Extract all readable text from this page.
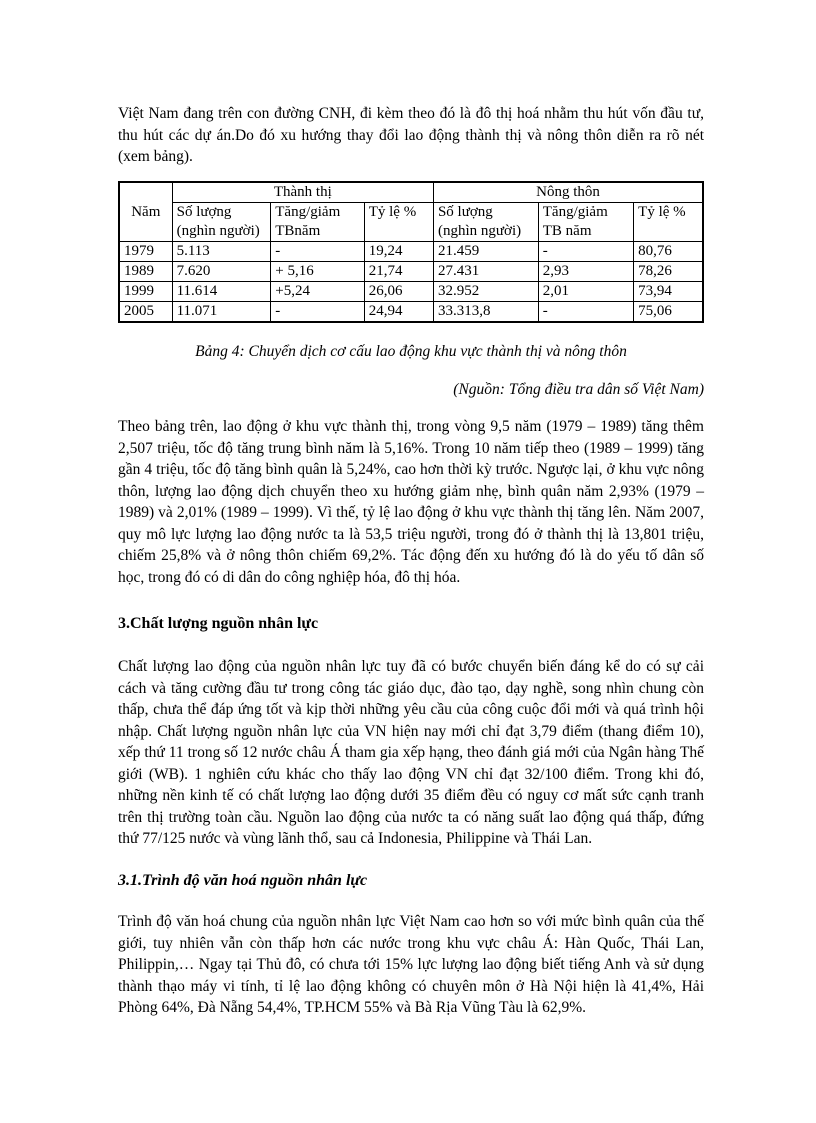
Việt Nam đang trên con đường CNH, đi kèm theo đó là đô thị hoá nhằm thu hút vốn đầu tư, thu hút các dự án.Do đó xu hướng thay đổi lao động thành thị và nông thôn diễn ra rõ nét (xem bảng).

Năm	Thành thị			Nông thôn		
	Số lượng (nghìn người)	Tăng/giảm TBnăm	Tỷ lệ %	Số lượng (nghìn người)	Tăng/giảm TB năm	Tỷ lệ %
1979	5.113	-	19,24	21.459	-	80,76
1989	7.620	+ 5,16	21,74	27.431	2,93	78,26
1999	11.614	+5,24	26,06	32.952	2,01	73,94
2005	11.071	-	24,94	33.313,8	-	75,06
Bảng 4: Chuyển dịch cơ cấu lao động khu vực thành thị và nông thôn
(Nguồn: Tổng điều tra dân số Việt Nam)

Theo bảng trên, lao động ở khu vực thành thị, trong vòng 9,5 năm (1979 – 1989) tăng thêm 2,507 triệu, tốc độ tăng trung bình năm là 5,16%. Trong 10 năm tiếp theo (1989 – 1999) tăng gần 4 triệu, tốc độ tăng bình quân là 5,24%, cao hơn thời kỳ trước. Ngược lại, ở khu vực nông thôn, lượng lao động dịch chuyển theo xu hướng giảm nhẹ, bình quân năm 2,93% (1979 – 1989) và 2,01% (1989 – 1999). Vì thế, tỷ lệ lao động ở khu vực thành thị tăng lên. Năm 2007, quy mô lực lượng lao động nước ta là 53,5 triệu người, trong đó ở thành thị là 13,801 triệu, chiếm 25,8% và ở nông thôn chiếm 69,2%. Tác động đến xu hướng đó là do yếu tố dân số học, trong đó có di dân do công nghiệp hóa, đô thị hóa.

3.Chất lượng nguồn nhân lực

Chất lượng lao động của nguồn nhân lực tuy đã có bước chuyển biến đáng kể do có sự cải cách và tăng cường đầu tư trong công tác giáo dục, đào tạo, dạy nghề, song nhìn chung còn thấp, chưa thể đáp ứng tốt và kịp thời những yêu cầu của công cuộc đổi mới và quá trình hội nhập. Chất lượng nguồn nhân lực của VN hiện nay mới chỉ đạt 3,79 điểm (thang điểm 10), xếp thứ 11 trong số 12 nước châu Á tham gia xếp hạng, theo đánh giá mới của Ngân hàng Thế giới (WB). 1 nghiên cứu khác cho thấy lao động VN chỉ đạt 32/100 điểm. Trong khi đó, những nền kinh tế có chất lượng lao động dưới 35 điểm đều có nguy cơ mất sức cạnh tranh trên thị trường toàn cầu. Nguồn lao động của nước ta có năng suất lao động quá thấp, đứng thứ 77/125 nước và vùng lãnh thổ, sau cả Indonesia, Philippine và Thái Lan.

3.1.Trình độ văn hoá nguồn nhân lực

Trình độ văn hoá chung của nguồn nhân lực Việt Nam cao hơn so với mức bình quân của thế giới, tuy nhiên vẫn còn thấp hơn các nước trong khu vực châu Á: Hàn Quốc, Thái Lan, Philippin,… Ngay tại Thủ đô, có chưa tới 15% lực lượng lao động biết tiếng Anh và sử dụng thành thạo máy vi tính, tỉ lệ lao động không có chuyên môn ở Hà Nội hiện là 41,4%, Hải Phòng 64%, Đà Nẵng 54,4%, TP.HCM 55% và Bà Rịa Vũng Tàu là 62,9%.
